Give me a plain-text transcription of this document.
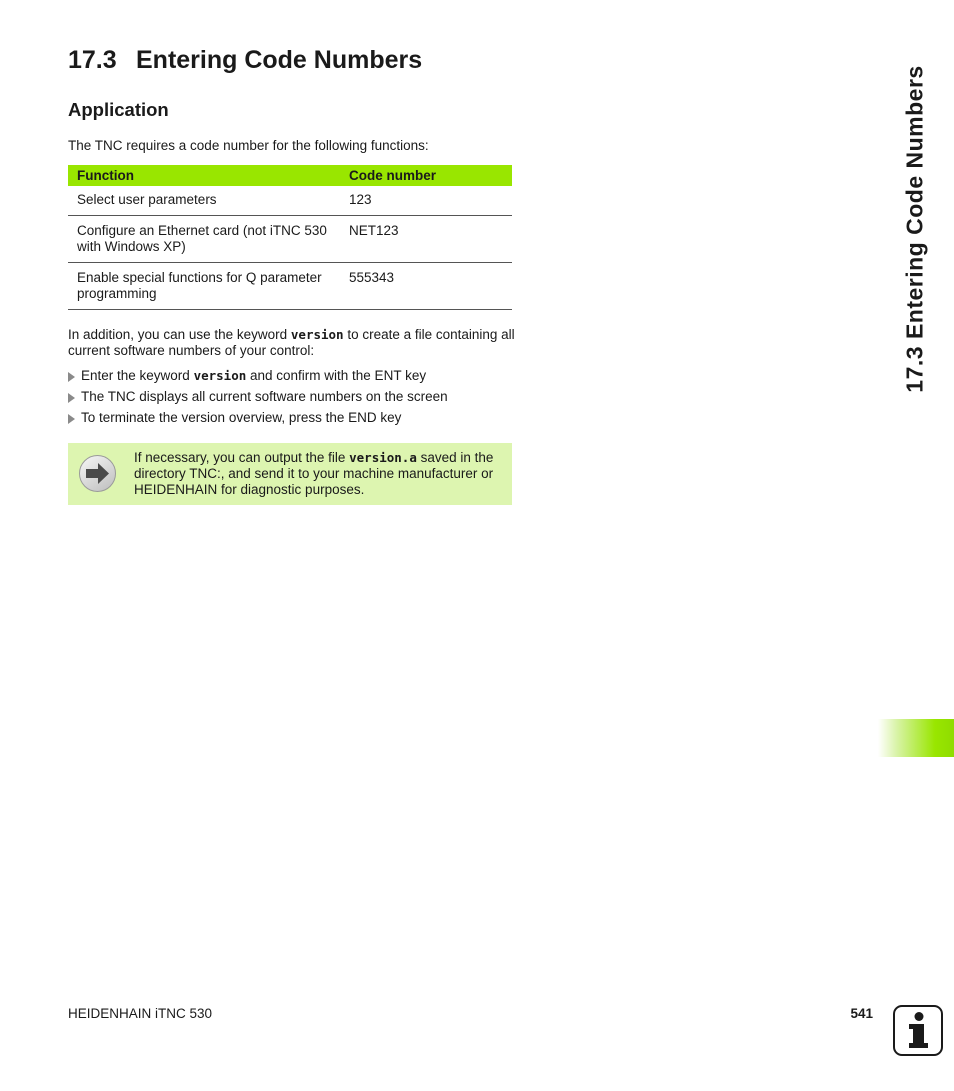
17.3 Entering Code Numbers
Application
The TNC requires a code number for the following functions:
Function	Code number
Select user parameters	123
Configure an Ethernet card (not iTNC 530 with Windows XP)	NET123
Enable special functions for Q parameter programming	555343
In addition, you can use the keyword version to create a file containing all current software numbers of your control:
Enter the keyword version and confirm with the ENT key
The TNC displays all current software numbers on the screen
To terminate the version overview, press the END key
If necessary, you can output the file version.a saved in the directory TNC:, and send it to your machine manufacturer or HEIDENHAIN for diagnostic purposes.
17.3 Entering Code Numbers
HEIDENHAIN iTNC 530	541
